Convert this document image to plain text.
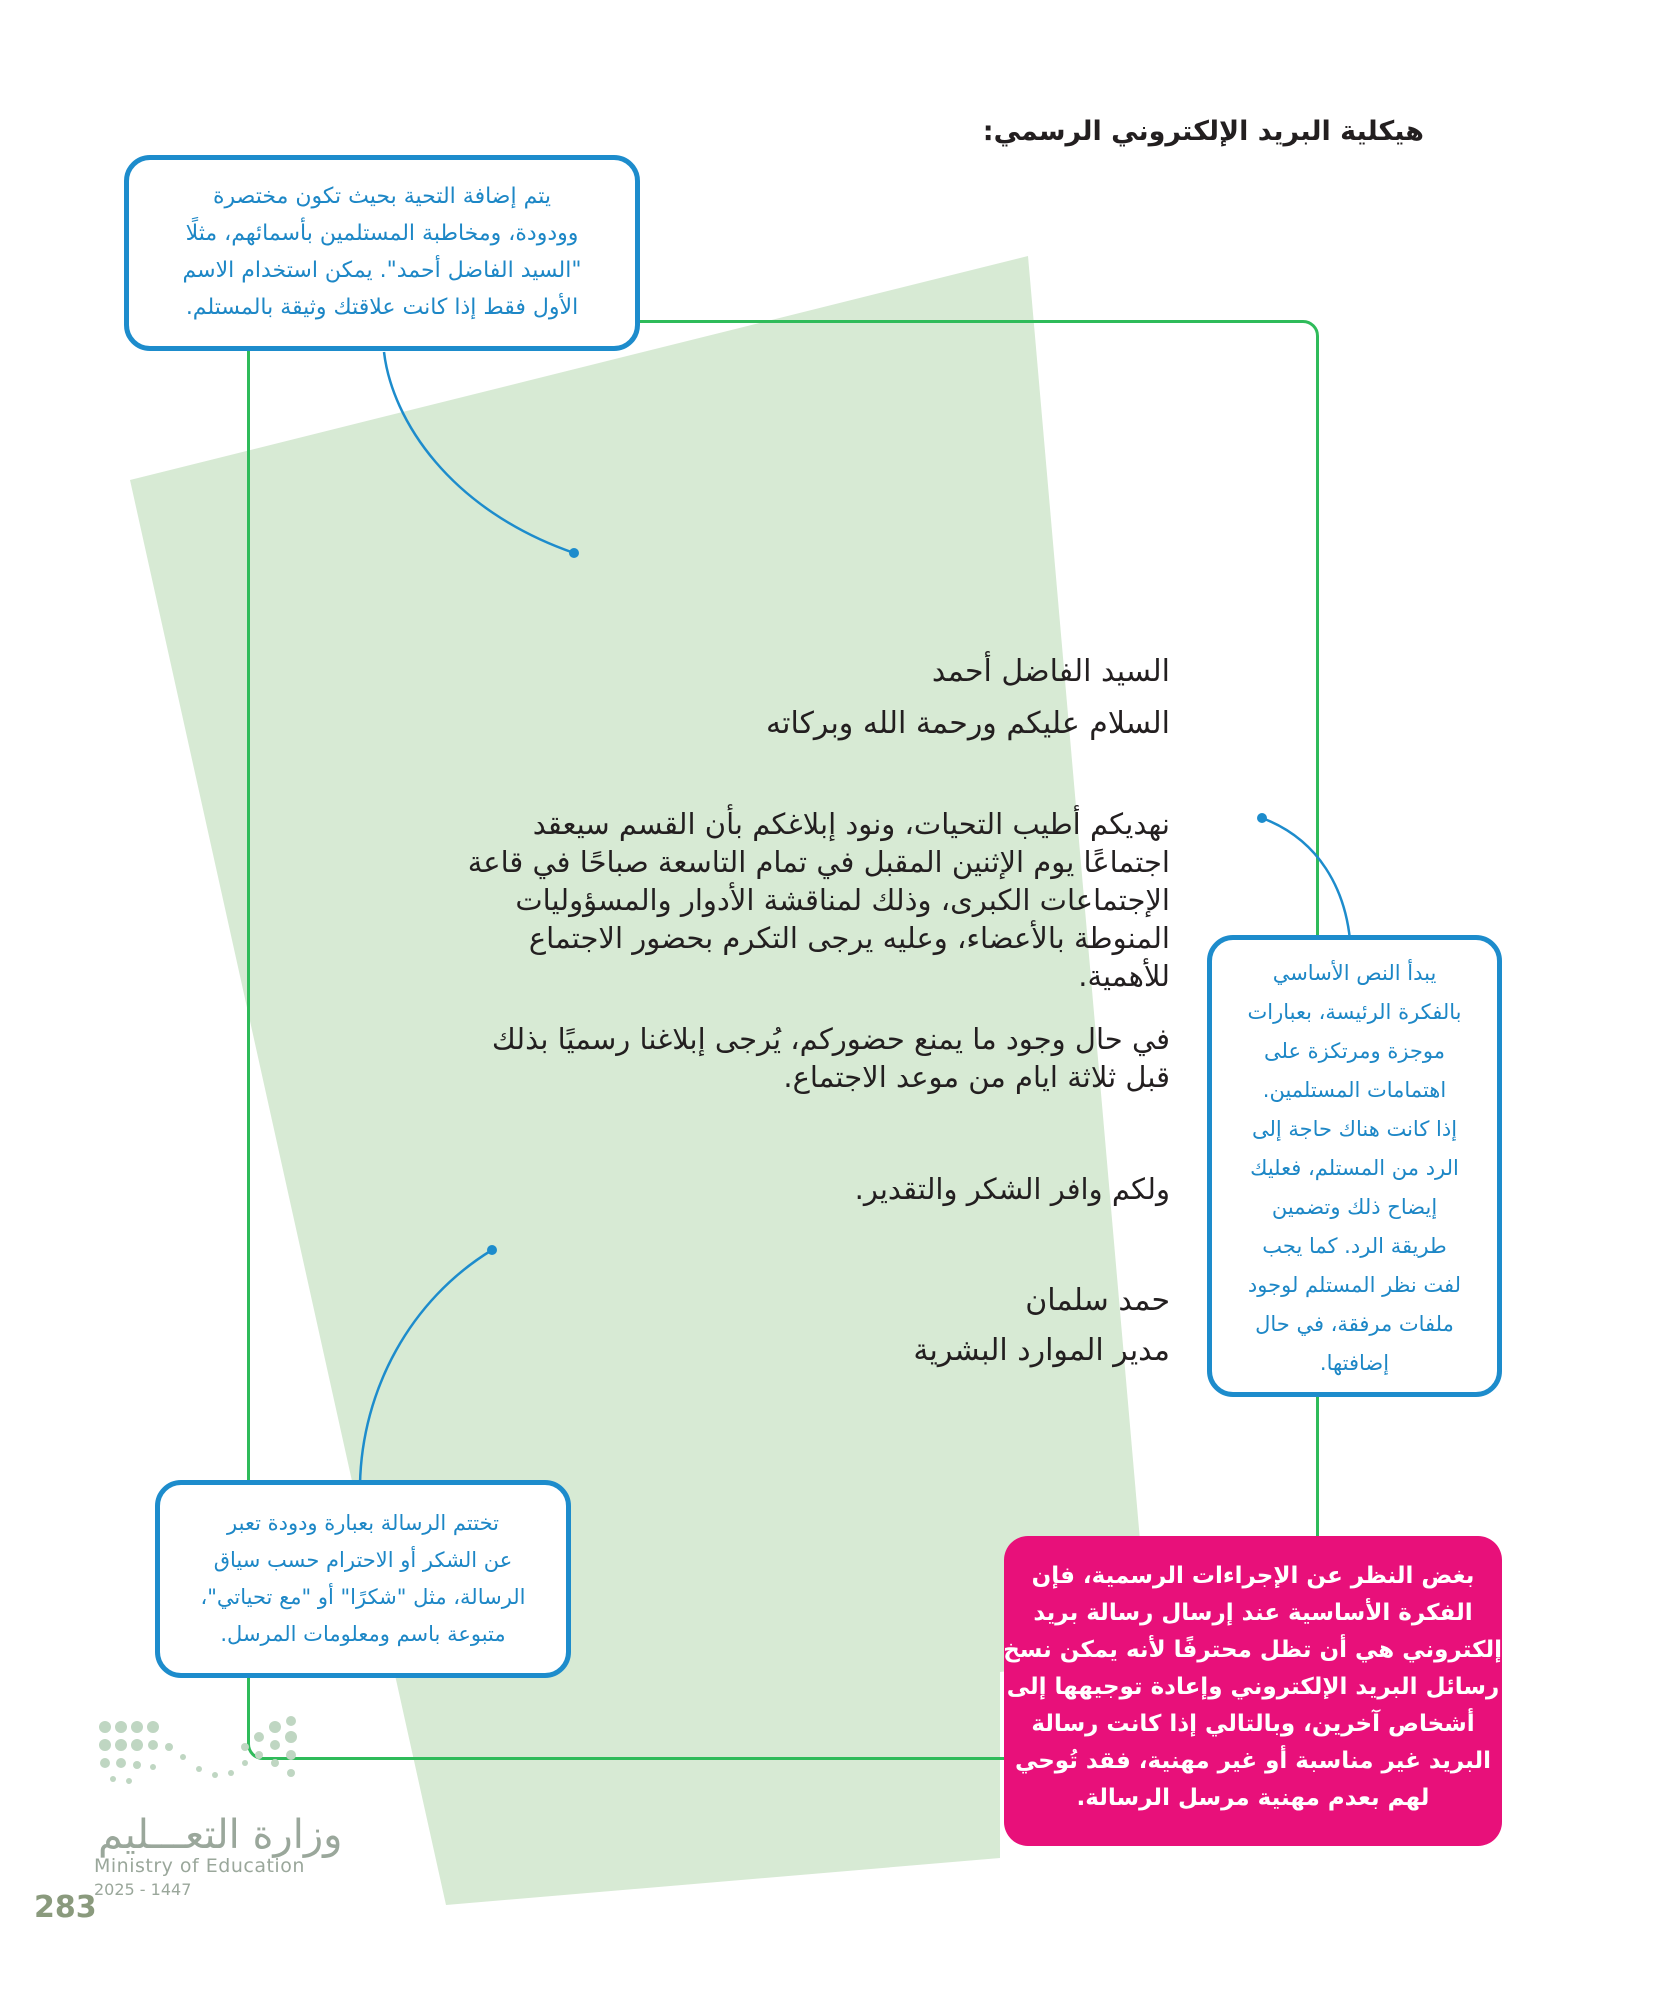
هيكلية البريد الإلكتروني الرسمي:
يتم إضافة التحية بحيث تكون مختصرة
وودودة، ومخاطبة المستلمين بأسمائهم، مثلًا
"السيد الفاضل أحمد". يمكن استخدام الاسم
الأول فقط إذا كانت علاقتك وثيقة بالمستلم.
السيد الفاضل أحمد
السلام عليكم ورحمة الله وبركاته
نهديكم أطيب التحيات، ونود إبلاغكم بأن القسم سيعقد
اجتماعًا يوم الإثنين المقبل في تمام التاسعة صباحًا في قاعة
الإجتماعات الكبرى، وذلك لمناقشة الأدوار والمسؤوليات
المنوطة بالأعضاء، وعليه يرجى التكرم بحضور الاجتماع
للأهمية.
في حال وجود ما يمنع حضوركم، يُرجى إبلاغنا رسميًا بذلك
قبل ثلاثة ايام من موعد الاجتماع.
ولكم وافر الشكر والتقدير.
حمد سلمان
مدير الموارد البشرية
يبدأ النص الأساسي
بالفكرة الرئيسة، بعبارات
موجزة ومرتكزة على
اهتمامات المستلمين.
إذا كانت هناك حاجة إلى
الرد من المستلم، فعليك
إيضاح ذلك وتضمين
طريقة الرد. كما يجب
لفت نظر المستلم لوجود
ملفات مرفقة، في حال
إضافتها.
تختتم الرسالة بعبارة ودودة تعبر
عن الشكر أو الاحترام حسب سياق
الرسالة، مثل "شكرًا" أو "مع تحياتي"،
متبوعة باسم ومعلومات المرسل.
بغض النظر عن الإجراءات الرسمية، فإن
الفكرة الأساسية عند إرسال رسالة بريد
إلكتروني هي أن تظل محترفًا لأنه يمكن نسخ
رسائل البريد الإلكتروني وإعادة توجيهها إلى
أشخاص آخرين، وبالتالي إذا كانت رسالة
البريد غير مناسبة أو غير مهنية، فقد تُوحي
لهم بعدم مهنية مرسل الرسالة.
وزارة التعـــليم
Ministry of Education
2025 - 1447
283
